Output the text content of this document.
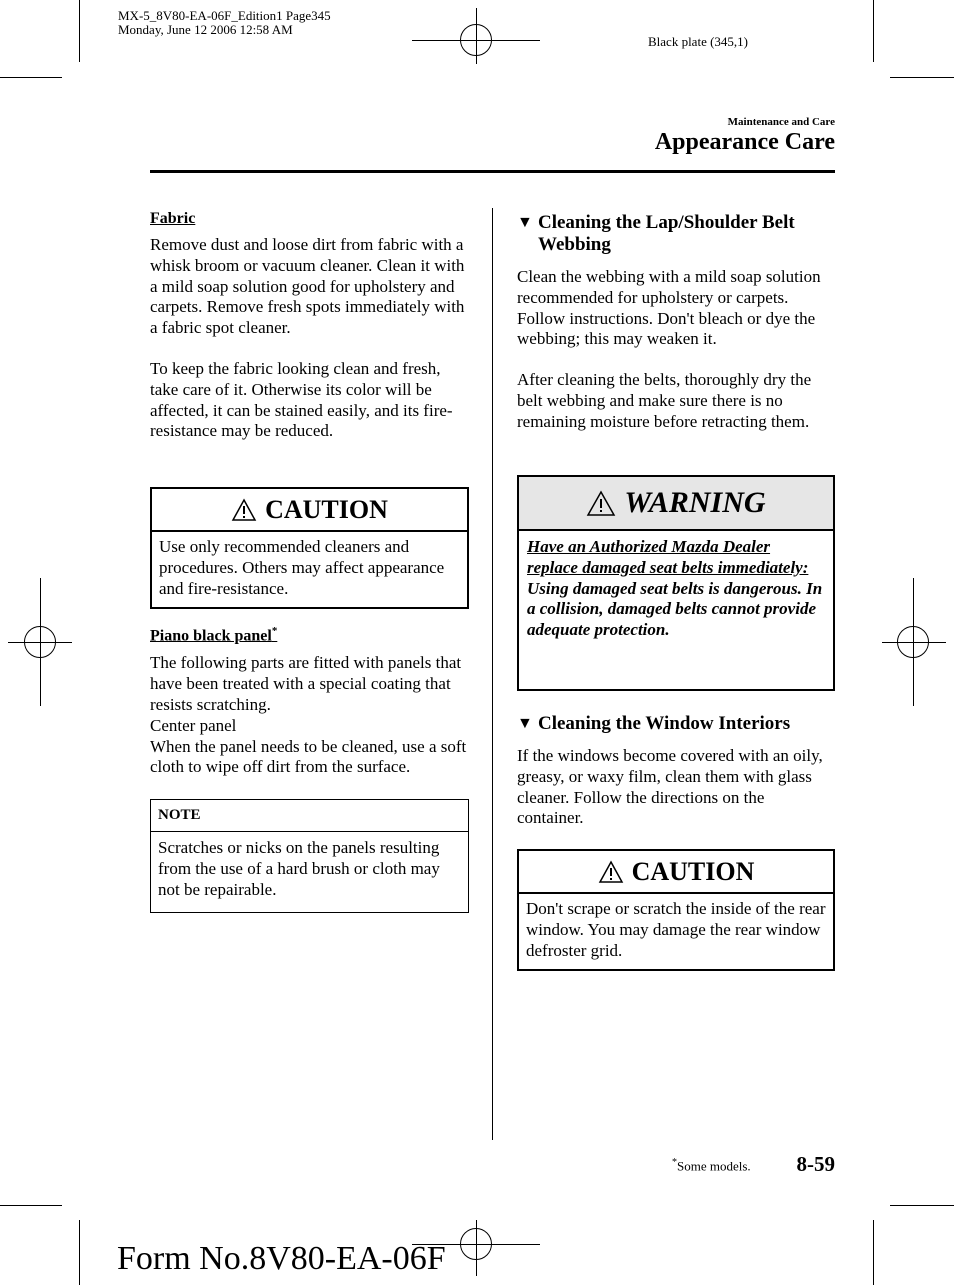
MX-5_8V80-EA-06F_Edition1 Page345
Monday, June 12 2006 12:58 AM
Black plate (345,1)
Maintenance and Care
Appearance Care

Fabric

Remove dust and loose dirt from fabric with a whisk broom or vacuum cleaner. Clean it with a mild soap solution good for upholstery and carpets. Remove fresh spots immediately with a fabric spot cleaner.

To keep the fabric looking clean and fresh, take care of it. Otherwise its color will be affected, it can be stained easily, and its fire-resistance may be reduced.

CAUTION
Use only recommended cleaners and procedures. Others may affect appearance and fire-resistance.

Piano black panel*

The following parts are fitted with panels that have been treated with a special coating that resists scratching.

Center panel

When the panel needs to be cleaned, use a soft cloth to wipe off dirt from the surface.

NOTE
Scratches or nicks on the panels resulting from the use of a hard brush or cloth may not be repairable.
▼ Cleaning the Lap/Shoulder Belt Webbing

Clean the webbing with a mild soap solution recommended for upholstery or carpets. Follow instructions. Don't bleach or dye the webbing; this may weaken it.

After cleaning the belts, thoroughly dry the belt webbing and make sure there is no remaining moisture before retracting them.

WARNING
Have an Authorized Mazda Dealer replace damaged seat belts immediately:
Using damaged seat belts is dangerous. In a collision, damaged belts cannot provide adequate protection.
▼ Cleaning the Window Interiors

If the windows become covered with an oily, greasy, or waxy film, clean them with glass cleaner. Follow the directions on the container.

CAUTION
Don't scrape or scratch the inside of the rear window. You may damage the rear window defroster grid.
*Some models. 8-59
Form No.8V80-EA-06F
